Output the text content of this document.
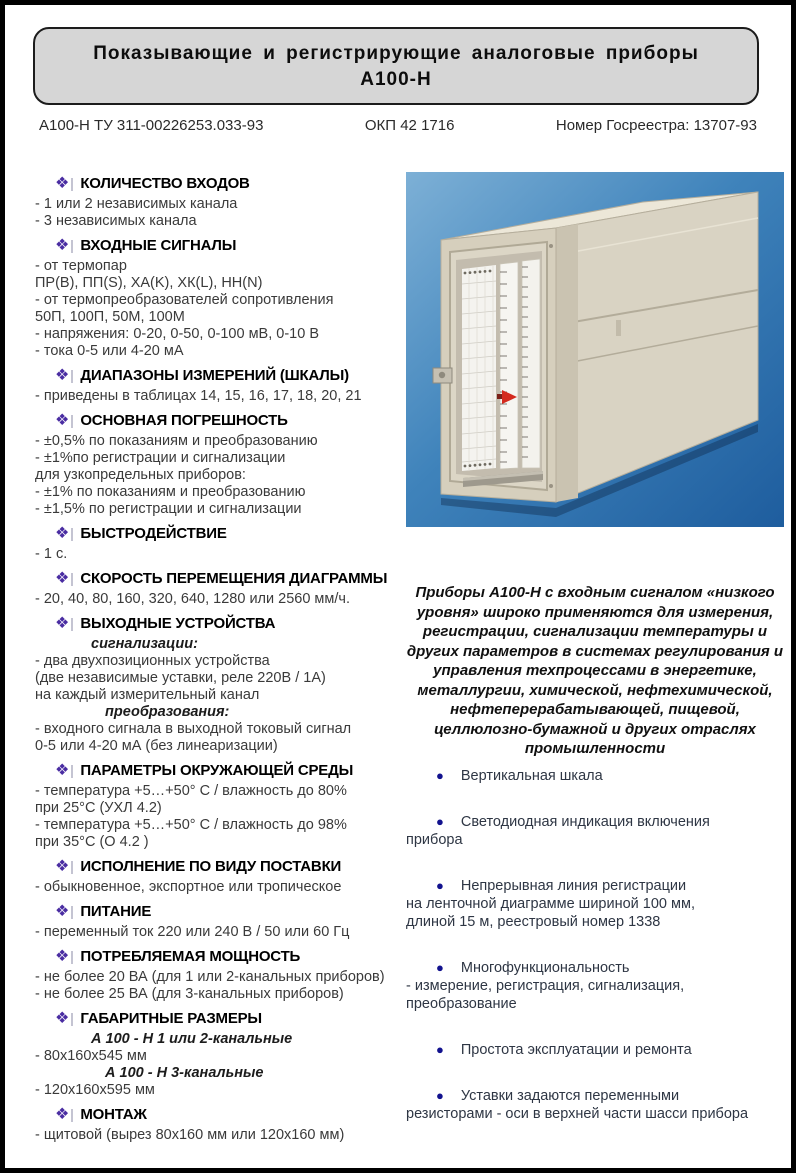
Показывающие и регистрирующие аналоговые приборы
А100-Н
А100-Н ТУ 311-00226253.033-93	ОКП 42 1716	Номер Госреестра: 13707-93
❖ КОЛИЧЕСТВО ВХОДОВ
- 1 или 2 независимых канала
- 3 независимых канала
❖ ВХОДНЫЕ СИГНАЛЫ
- от термопар
ПР(В), ПП(S), ХА(K), ХК(L), НН(N)
- от термопреобразователей сопротивления
50П, 100П, 50М, 100М
- напряжения: 0-20, 0-50, 0-100 мВ, 0-10 В
- тока 0-5 или 4-20 мА
❖ ДИАПАЗОНЫ ИЗМЕРЕНИЙ (ШКАЛЫ)
- приведены в таблицах 14, 15, 16, 17, 18, 20, 21
❖ ОСНОВНАЯ ПОГРЕШНОСТЬ
- ±0,5% по показаниям и преобразованию
- ±1%по регистрации и сигнализации
для узкопредельных приборов:
- ±1% по показаниям и преобразованию
- ±1,5% по регистрации и сигнализации
❖ БЫСТРОДЕЙСТВИЕ
- 1 с.
❖ СКОРОСТЬ ПЕРЕМЕЩЕНИЯ ДИАГРАММЫ
- 20, 40, 80, 160, 320, 640, 1280 или 2560 мм/ч.
❖ ВЫХОДНЫЕ УСТРОЙСТВА
сигнализации:
- два двухпозиционных устройства
(две независимые уставки, реле 220В / 1А)
на каждый измерительный канал
преобразования:
- входного сигнала в выходной токовый сигнал
0-5 или 4-20 мА (без линеаризации)
❖ ПАРАМЕТРЫ ОКРУЖАЮЩЕЙ СРЕДЫ
- температура +5…+50° С / влажность до 80%
при 25°С (УХЛ 4.2)
- температура +5…+50° С / влажность до 98%
при 35°С (О 4.2 )
❖ ИСПОЛНЕНИЕ ПО ВИДУ ПОСТАВКИ
- обыкновенное, экспортное или тропическое
❖ ПИТАНИЕ
- переменный ток 220 или 240 В / 50 или 60 Гц
❖ ПОТРЕБЛЯЕМАЯ МОЩНОСТЬ
- не более 20 ВА (для 1 или 2-канальных приборов)
- не более 25 ВА (для 3-канальных приборов)
❖ ГАБАРИТНЫЕ РАЗМЕРЫ
А 100 - Н 1 или 2-канальные
- 80х160х545 мм
А 100 - Н 3-канальные
- 120х160х595 мм
❖ МОНТАЖ
- щитовой (вырез 80х160 мм или 120х160 мм)
Приборы А100-Н с входным сигналом «низкого уровня» широко применяются для измерения, регистрации, сигнализации температуры и других параметров в системах регулирования и управления техпроцессами в энергетике, металлургии, химической, нефтехимической, нефтеперерабатывающей, пищевой, целлюлозно-бумажной и других отраслях промышленности
● Вертикальная шкала
● Светодиодная индикация включения
прибора
● Непрерывная линия регистрации
на ленточной диаграмме шириной 100 мм,
длиной 15 м, реестровый номер 1338
● Многофункциональность
- измерение, регистрация, сигнализация,
преобразование
● Простота эксплуатации и ремонта
● Уставки задаются переменными
резисторами - оси в верхней части шасси прибора
